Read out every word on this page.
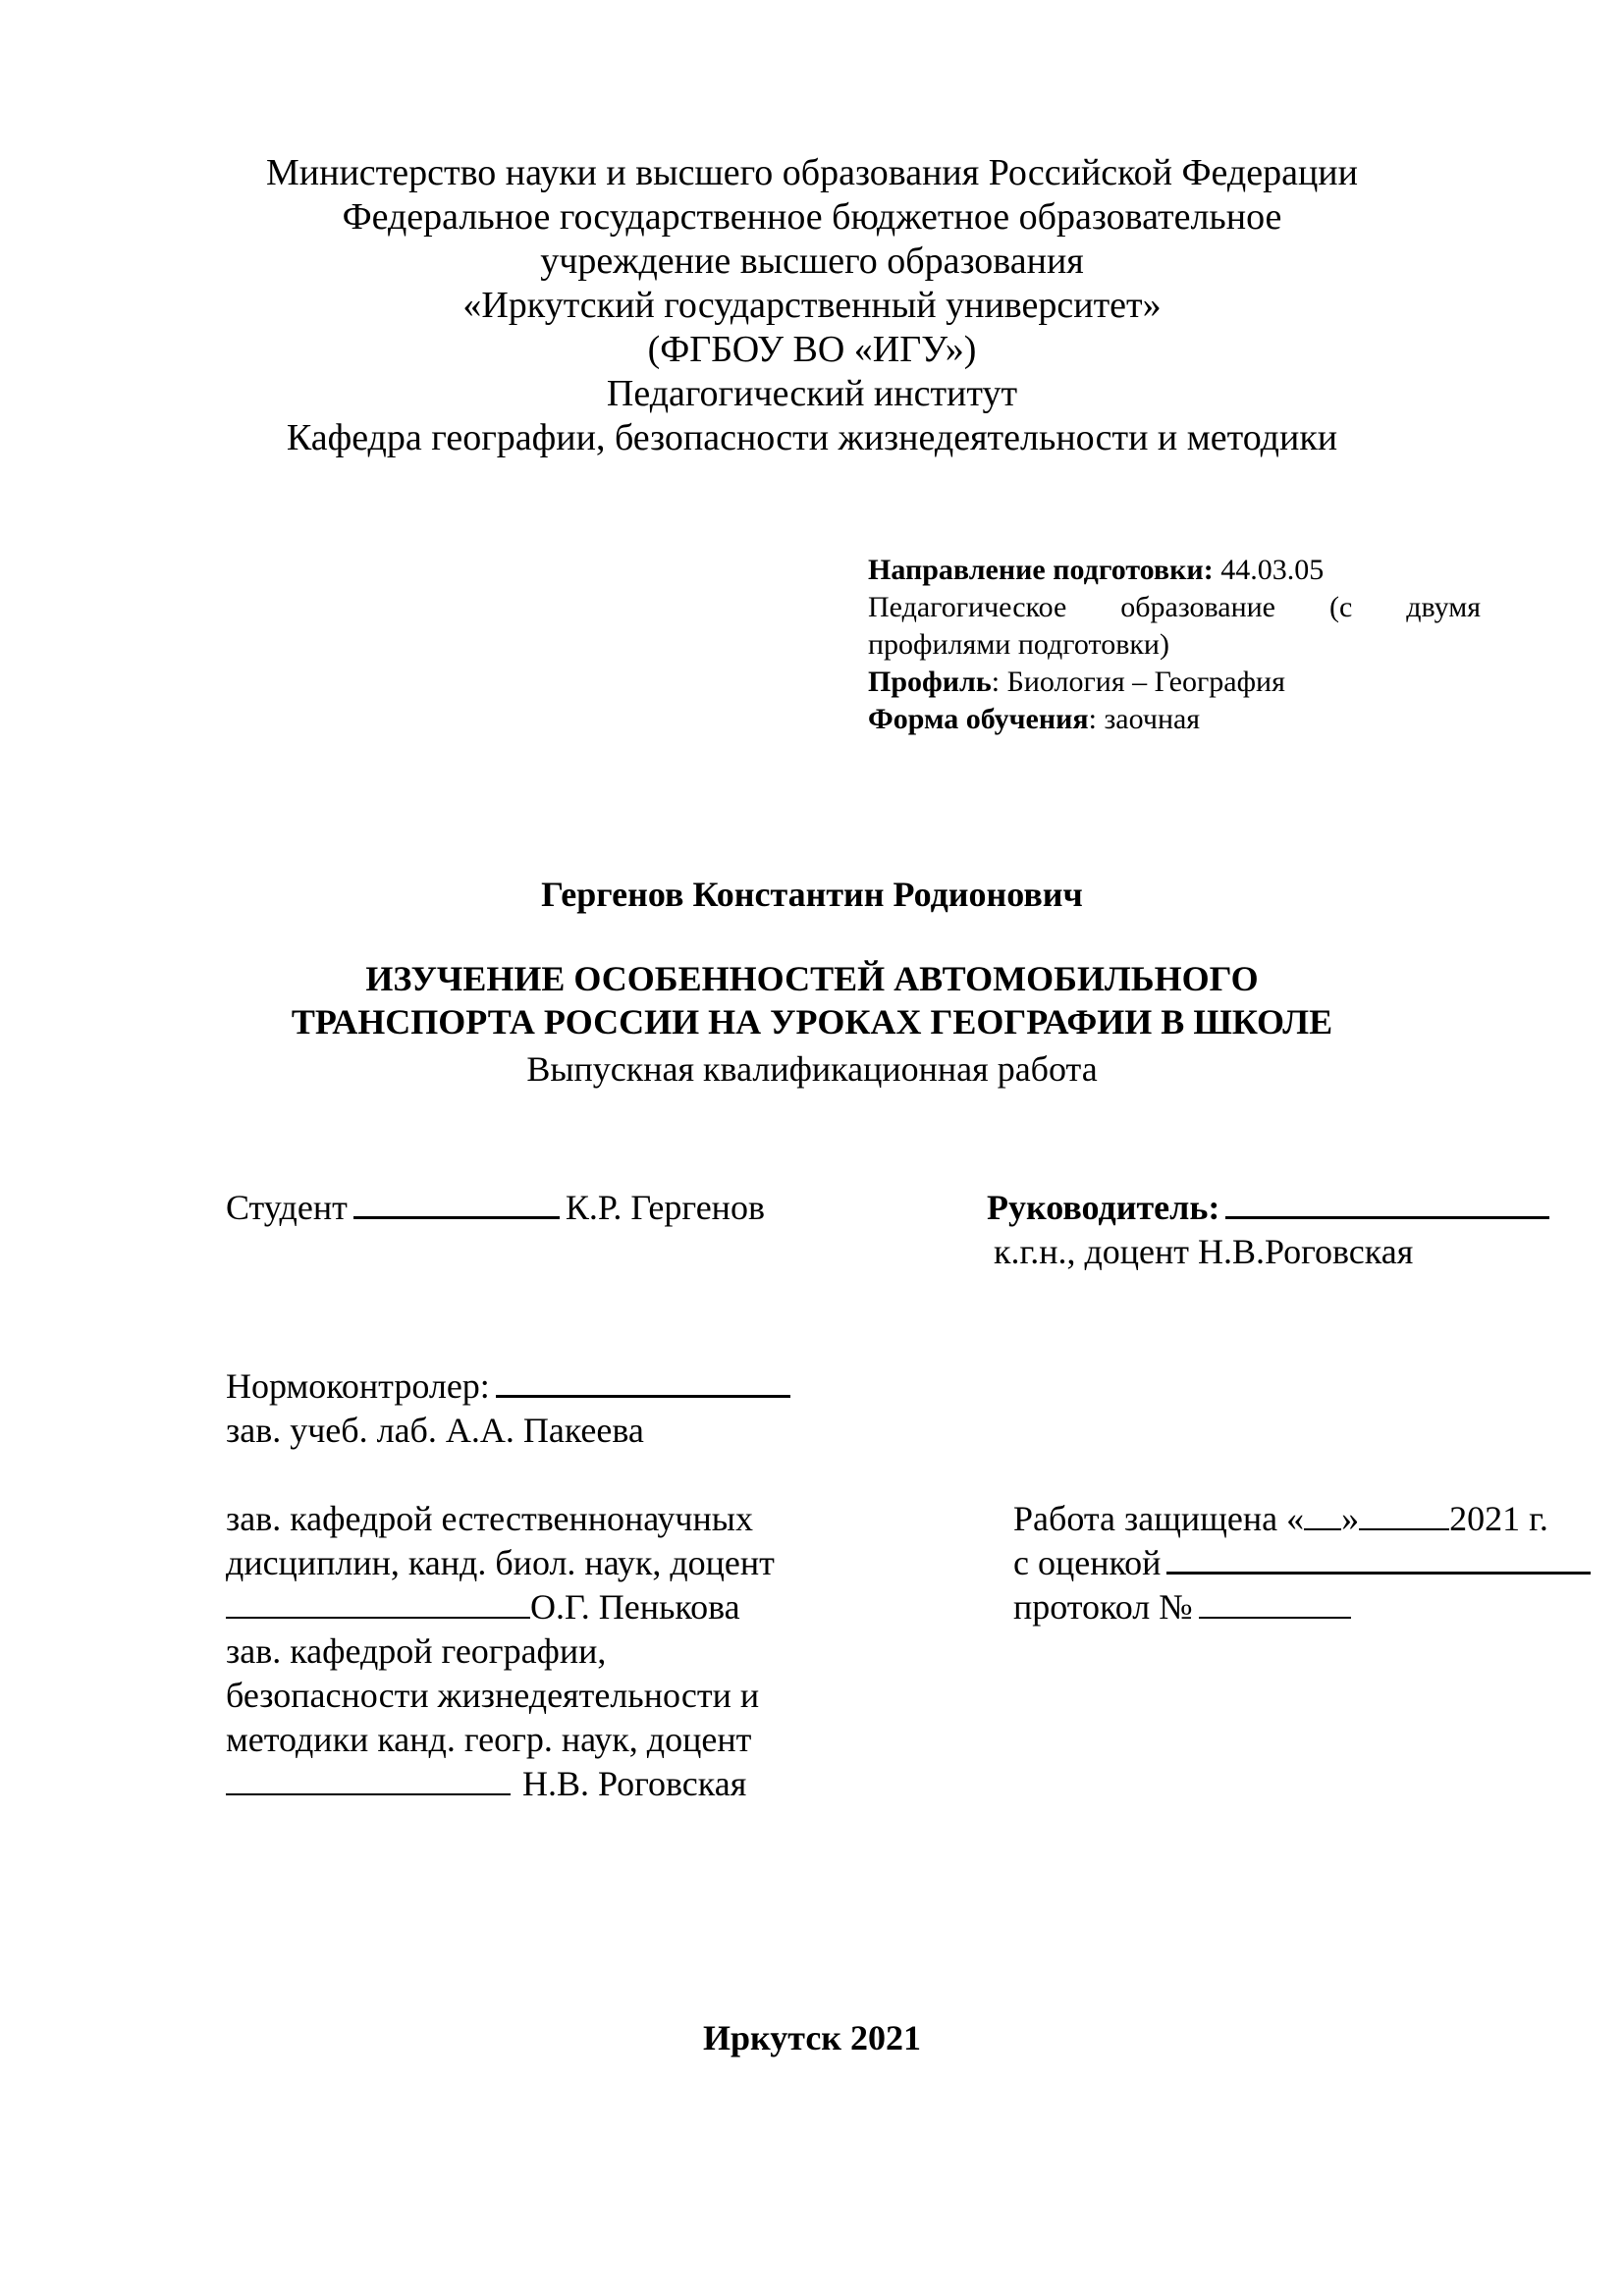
Министерство науки и высшего образования Российской Федерации
Федеральное государственное бюджетное образовательное
учреждение высшего образования
«Иркутский государственный университет»
(ФГБОУ ВО «ИГУ»)
Педагогический институт
Кафедра географии, безопасности жизнедеятельности и методики
Направление подготовки: 44.03.05
Педагогическое образование (с двумя
профилями подготовки)
Профиль: Биология – География
Форма обучения: заочная
Гергенов Константин Родионович
ИЗУЧЕНИЕ ОСОБЕННОСТЕЙ АВТОМОБИЛЬНОГО
ТРАНСПОРТА РОССИИ НА УРОКАХ ГЕОГРАФИИ В ШКОЛЕ
Выпускная квалификационная работа
Студент	К.Р. Гергенов	Руководитель:
к.г.н., доцент Н.В.Роговская
Нормоконтролер:
зав. учеб. лаб. А.А. Пакеева
зав. кафедрой естественнонаучных
дисциплин, канд. биол. наук, доцент
О.Г. Пенькова
зав. кафедрой географии,
безопасности жизнедеятельности и
методики канд. геогр. наук, доцент
Н.В. Роговская
Работа защищена « »	2021 г.
с оценкой
протокол №
Иркутск 2021
